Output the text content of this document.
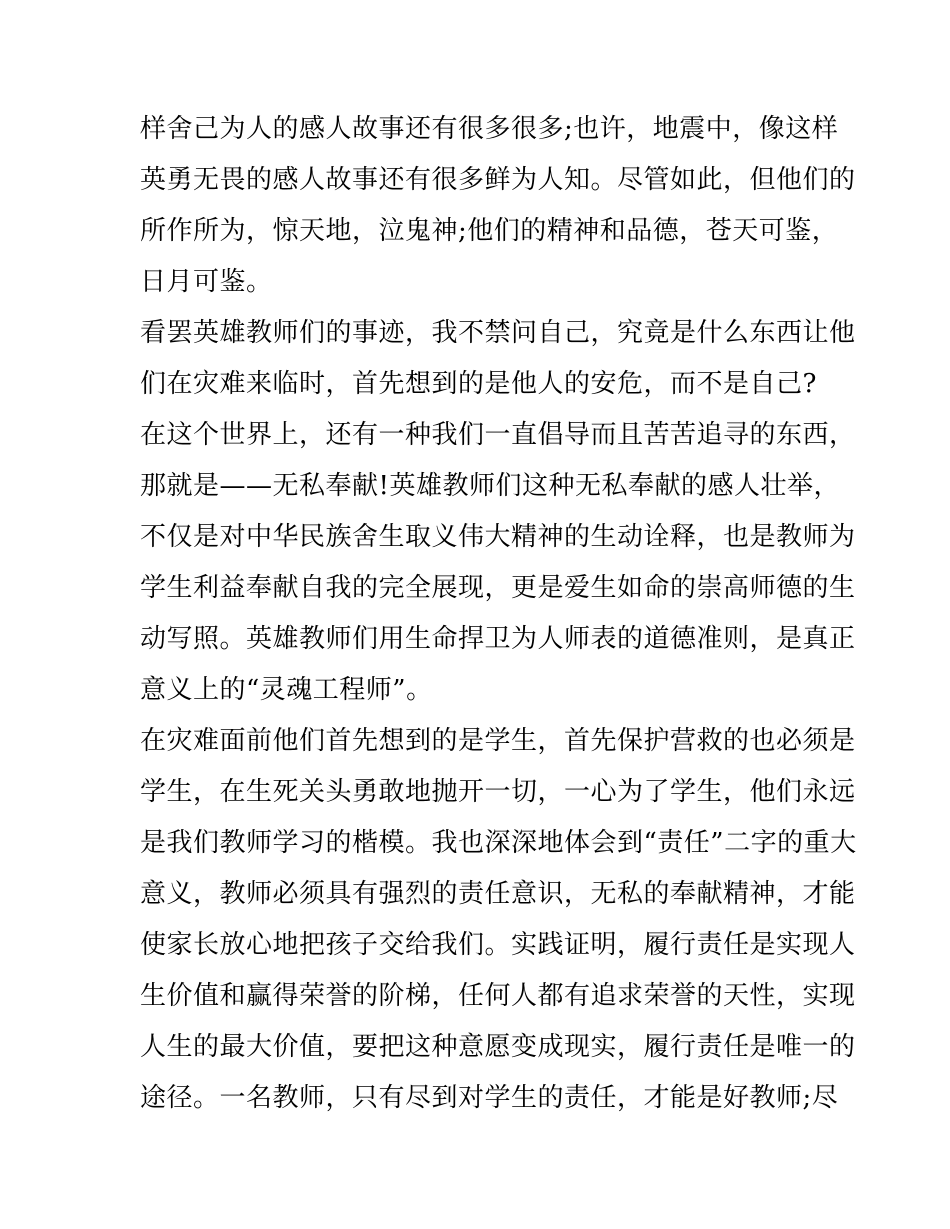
样舍己为人的感人故事还有很多很多;也许，地震中，像这样
英勇无畏的感人故事还有很多鲜为人知。尽管如此，但他们的
所作所为，惊天地，泣鬼神;他们的精神和品德，苍天可鉴，
日月可鉴。
看罢英雄教师们的事迹，我不禁问自己，究竟是什么东西让他
们在灾难来临时，首先想到的是他人的安危，而不是自己?
在这个世界上，还有一种我们一直倡导而且苦苦追寻的东西，
那就是——无私奉献!英雄教师们这种无私奉献的感人壮举，
不仅是对中华民族舍生取义伟大精神的生动诠释，也是教师为
学生利益奉献自我的完全展现，更是爱生如命的崇高师德的生
动写照。英雄教师们用生命捍卫为人师表的道德准则，是真正
意义上的“灵魂工程师”。
在灾难面前他们首先想到的是学生，首先保护营救的也必须是
学生，在生死关头勇敢地抛开一切，一心为了学生，他们永远
是我们教师学习的楷模。我也深深地体会到“责任”二字的重大
意义，教师必须具有强烈的责任意识，无私的奉献精神，才能
使家长放心地把孩子交给我们。实践证明，履行责任是实现人
生价值和赢得荣誉的阶梯，任何人都有追求荣誉的天性，实现
人生的最大价值，要把这种意愿变成现实，履行责任是唯一的
途径。一名教师，只有尽到对学生的责任，才能是好教师;尽
